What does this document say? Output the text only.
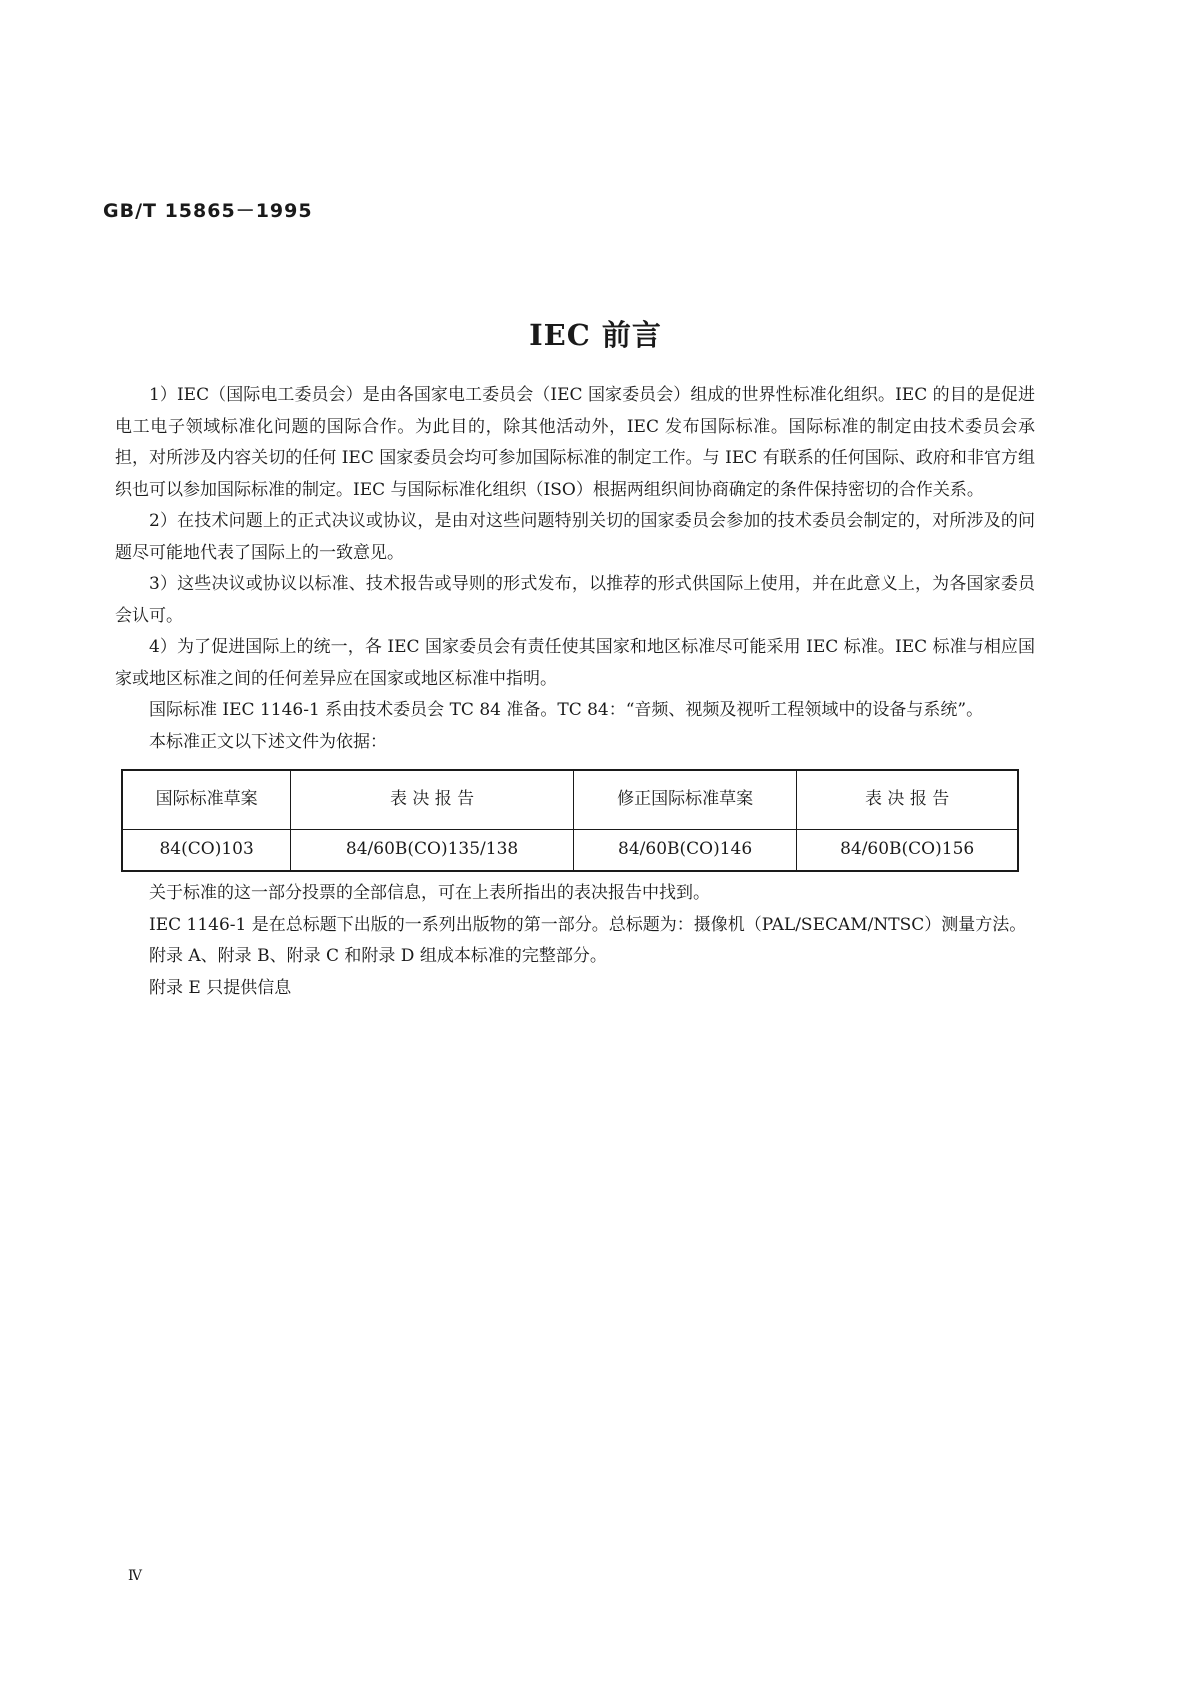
GB/T 15865－1995
IEC 前言

1）IEC（国际电工委员会）是由各国家电工委员会（IEC 国家委员会）组成的世界性标准化组织。IEC 的目的是促进电工电子领域标准化问题的国际合作。为此目的，除其他活动外，IEC 发布国际标准。国际标准的制定由技术委员会承担，对所涉及内容关切的任何 IEC 国家委员会均可参加国际标准的制定工作。与 IEC 有联系的任何国际、政府和非官方组织也可以参加国际标准的制定。IEC 与国际标准化组织（ISO）根据两组织间协商确定的条件保持密切的合作关系。

2）在技术问题上的正式决议或协议，是由对这些问题特别关切的国家委员会参加的技术委员会制定的，对所涉及的问题尽可能地代表了国际上的一致意见。

3）这些决议或协议以标准、技术报告或导则的形式发布，以推荐的形式供国际上使用，并在此意义上，为各国家委员会认可。

4）为了促进国际上的统一，各 IEC 国家委员会有责任使其国家和地区标准尽可能采用 IEC 标准。IEC 标准与相应国家或地区标准之间的任何差异应在国家或地区标准中指明。

国际标准 IEC 1146-1 系由技术委员会 TC 84 准备。TC 84：“音频、视频及视听工程领域中的设备与系统”。

本标准正文以下述文件为依据：

国际标准草案	表 决 报 告	修正国际标准草案	表 决 报 告
84(CO)103	84/60B(CO)135/138	84/60B(CO)146	84/60B(CO)156

关于标准的这一部分投票的全部信息，可在上表所指出的表决报告中找到。

IEC 1146-1 是在总标题下出版的一系列出版物的第一部分。总标题为：摄像机（PAL/SECAM/NTSC）测量方法。

附录 A、附录 B、附录 C 和附录 D 组成本标准的完整部分。

附录 E 只提供信息

Ⅳ
